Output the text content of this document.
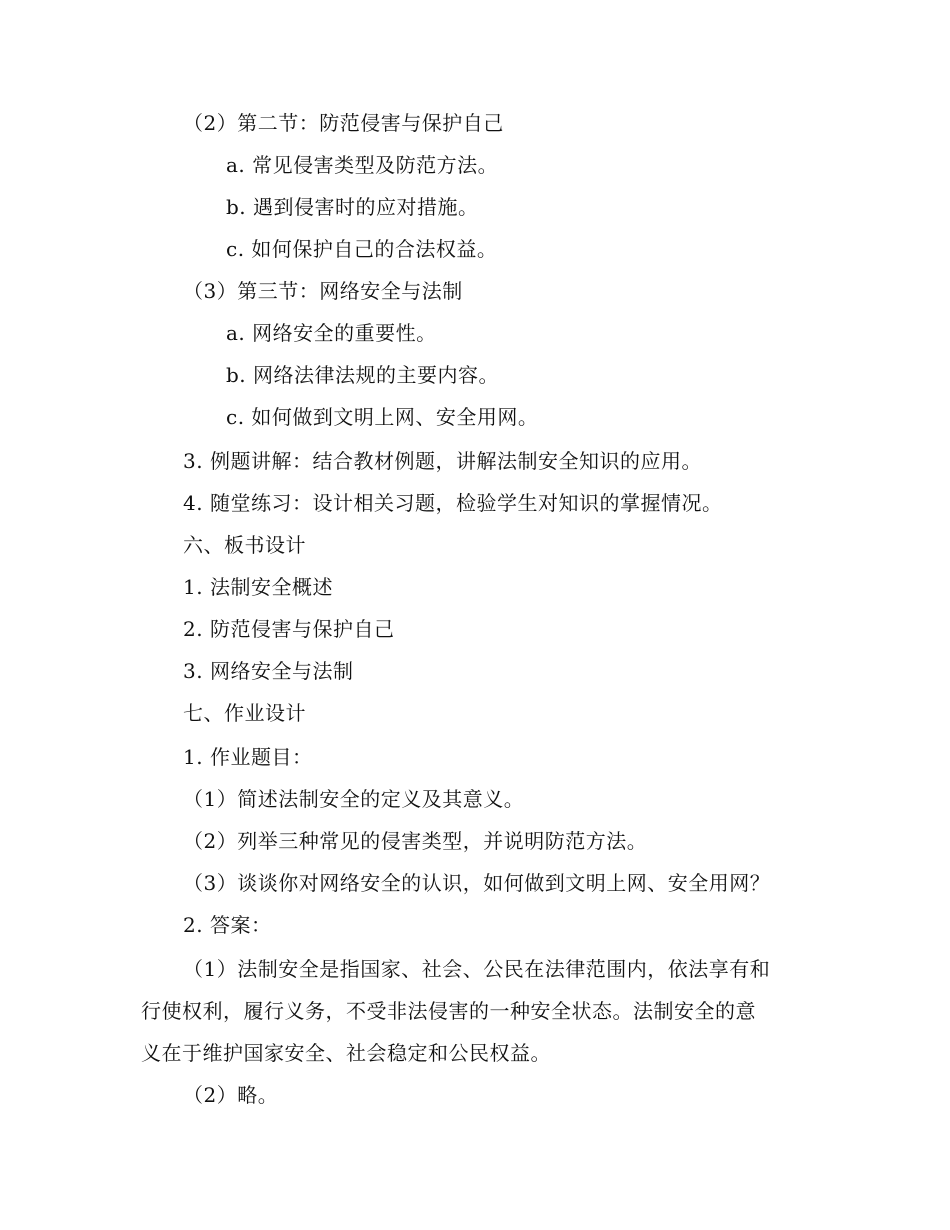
（2）第二节：防范侵害与保护自己
a. 常见侵害类型及防范方法。
b. 遇到侵害时的应对措施。
c. 如何保护自己的合法权益。
（3）第三节：网络安全与法制
a. 网络安全的重要性。
b. 网络法律法规的主要内容。
c. 如何做到文明上网、安全用网。
3. 例题讲解：结合教材例题，讲解法制安全知识的应用。
4. 随堂练习：设计相关习题，检验学生对知识的掌握情况。
六、板书设计
1. 法制安全概述
2. 防范侵害与保护自己
3. 网络安全与法制
七、作业设计
1. 作业题目：
（1）简述法制安全的定义及其意义。
（2）列举三种常见的侵害类型，并说明防范方法。
（3）谈谈你对网络安全的认识，如何做到文明上网、安全用网？
2. 答案：
（1）法制安全是指国家、社会、公民在法律范围内，依法享有和
行使权利，履行义务，不受非法侵害的一种安全状态。法制安全的意
义在于维护国家安全、社会稳定和公民权益。
（2）略。
